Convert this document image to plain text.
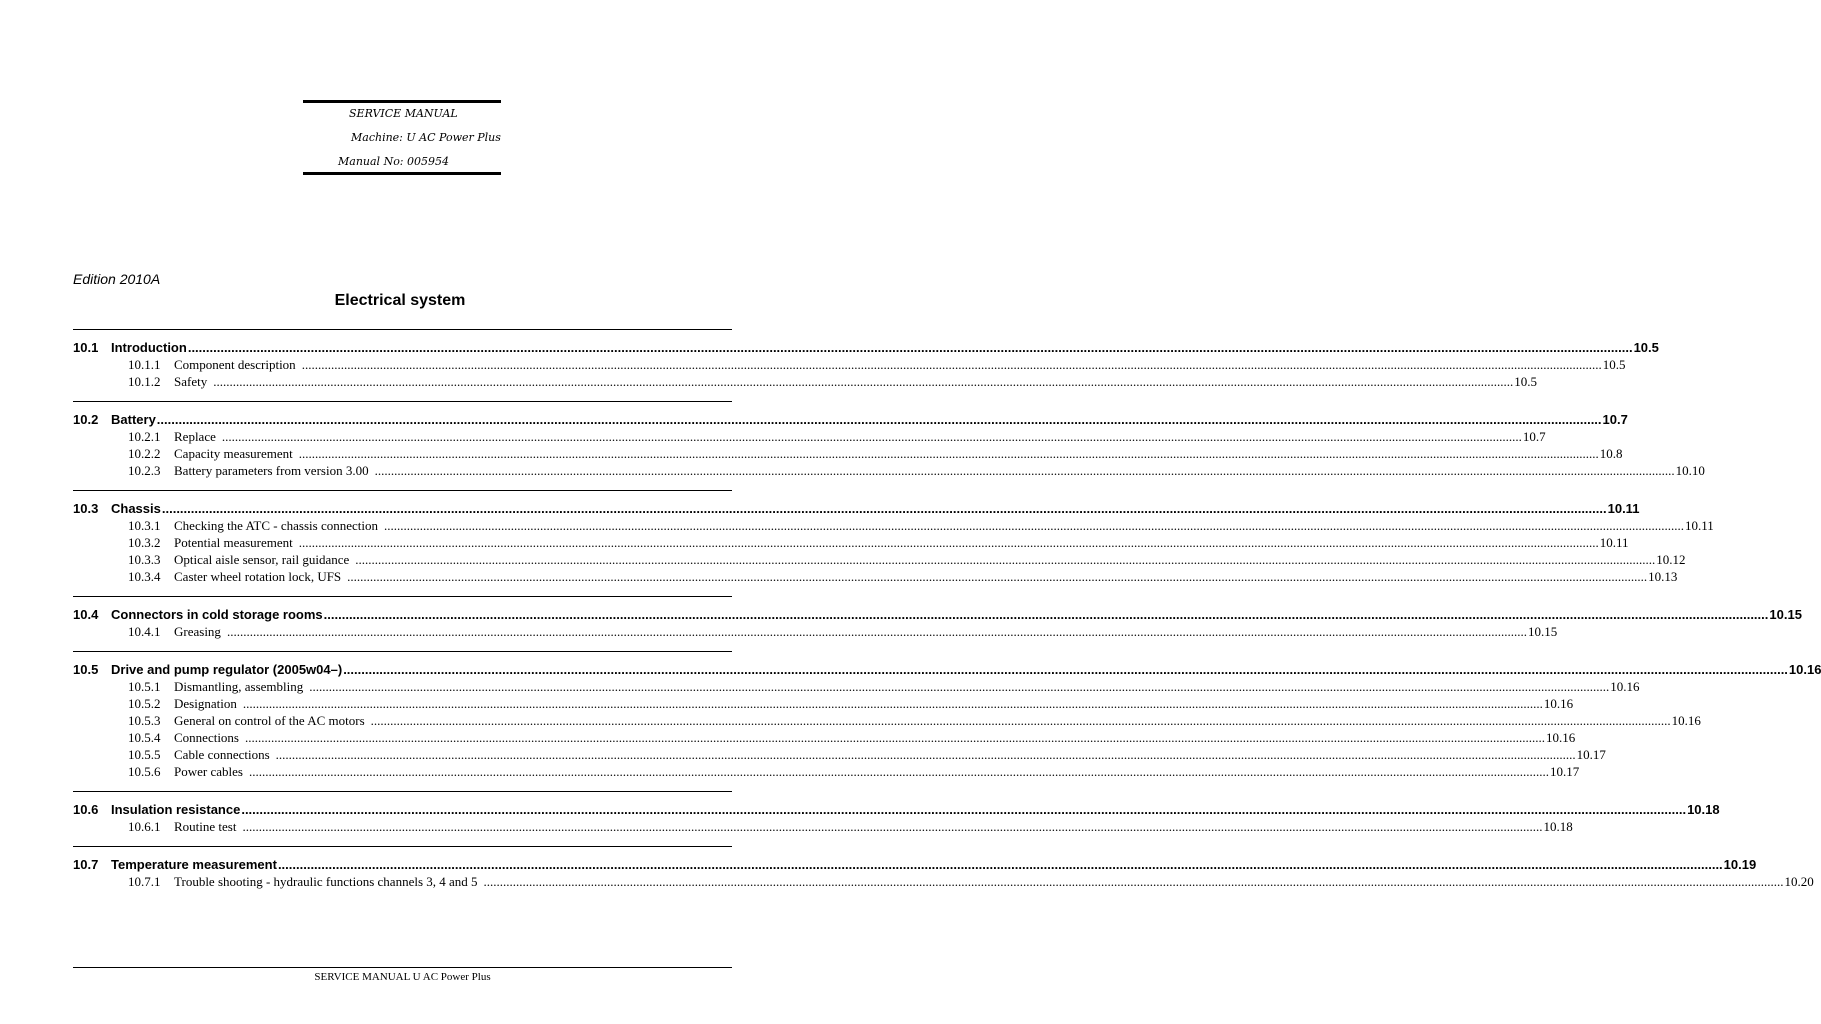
SERVICE MANUAL
Machine: U AC Power Plus
Manual No: 005954
Edition 2010A
Electrical system
10.1 Introduction ................................................................................................................................................................................................................................................................................................................................................................................................................ 10.5
10.1.1	Component description ................................................................................................................................................................................................................................................................................................................................................................................................................ 10.5
10.1.2	Safety ................................................................................................................................................................................................................................................................................................................................................................................................................ 10.5
10.2 Battery ................................................................................................................................................................................................................................................................................................................................................................................................................ 10.7
10.2.1	Replace ................................................................................................................................................................................................................................................................................................................................................................................................................ 10.7
10.2.2	Capacity measurement ................................................................................................................................................................................................................................................................................................................................................................................................................ 10.8
10.2.3	Battery parameters from version 3.00 ................................................................................................................................................................................................................................................................................................................................................................................................................ 10.10
10.3 Chassis ................................................................................................................................................................................................................................................................................................................................................................................................................ 10.11
10.3.1	Checking the ATC - chassis connection ................................................................................................................................................................................................................................................................................................................................................................................................................ 10.11
10.3.2	Potential measurement ................................................................................................................................................................................................................................................................................................................................................................................................................ 10.11
10.3.3	Optical aisle sensor, rail guidance ................................................................................................................................................................................................................................................................................................................................................................................................................ 10.12
10.3.4	Caster wheel rotation lock, UFS ................................................................................................................................................................................................................................................................................................................................................................................................................ 10.13
10.4 Connectors in cold storage rooms ................................................................................................................................................................................................................................................................................................................................................................................................................ 10.15
10.4.1	Greasing ................................................................................................................................................................................................................................................................................................................................................................................................................ 10.15
10.5 Drive and pump regulator (2005w04–) ................................................................................................................................................................................................................................................................................................................................................................................................................ 10.16
10.5.1	Dismantling, assembling ................................................................................................................................................................................................................................................................................................................................................................................................................ 10.16
10.5.2	Designation ................................................................................................................................................................................................................................................................................................................................................................................................................ 10.16
10.5.3	General on control of the AC motors ................................................................................................................................................................................................................................................................................................................................................................................................................ 10.16
10.5.4	Connections ................................................................................................................................................................................................................................................................................................................................................................................................................ 10.16
10.5.5	Cable connections ................................................................................................................................................................................................................................................................................................................................................................................................................ 10.17
10.5.6	Power cables ................................................................................................................................................................................................................................................................................................................................................................................................................ 10.17
10.6 Insulation resistance ................................................................................................................................................................................................................................................................................................................................................................................................................ 10.18
10.6.1	Routine test ................................................................................................................................................................................................................................................................................................................................................................................................................ 10.18
10.7 Temperature measurement ................................................................................................................................................................................................................................................................................................................................................................................................................ 10.19
10.7.1	Trouble shooting - hydraulic functions channels 3, 4 and 5 ................................................................................................................................................................................................................................................................................................................................................................................................................ 10.20
SERVICE MANUAL U AC Power Plus
